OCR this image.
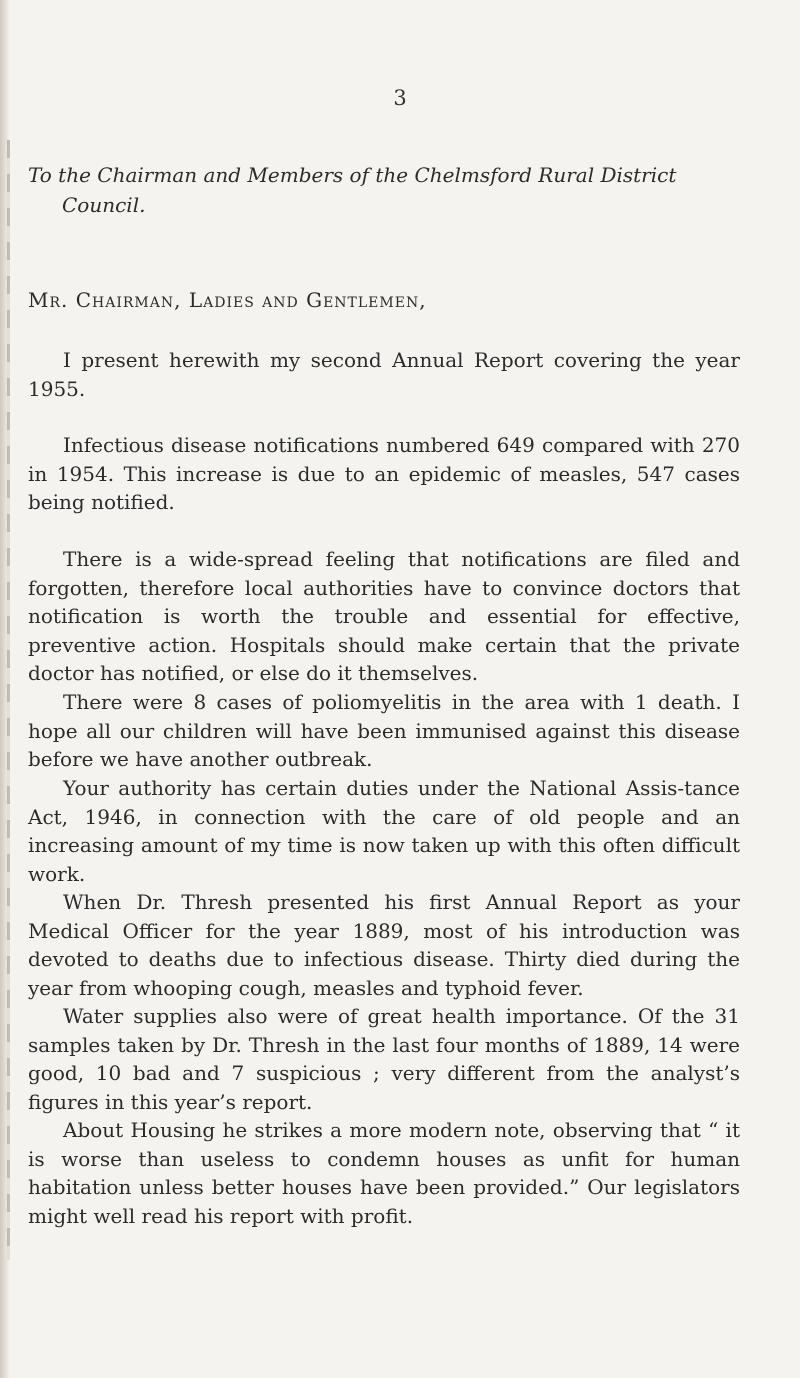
3

To the Chairman and Members of the Chelmsford Rural District
Council.

Mr. Chairman, Ladies and Gentlemen,

I present herewith my second Annual Report covering the year 1955.

Infectious disease notifications numbered 649 compared with 270 in 1954. This increase is due to an epidemic of measles, 547 cases being notified.

There is a wide-spread feeling that notifications are filed and forgotten, therefore local authorities have to convince doctors that notification is worth the trouble and essential for effective, preventive action. Hospitals should make certain that the private doctor has notified, or else do it themselves.

There were 8 cases of poliomyelitis in the area with 1 death. I hope all our children will have been immunised against this disease before we have another outbreak.

Your authority has certain duties under the National Assis-tance Act, 1946, in connection with the care of old people and an increasing amount of my time is now taken up with this often difficult work.

When Dr. Thresh presented his first Annual Report as your Medical Officer for the year 1889, most of his introduction was devoted to deaths due to infectious disease. Thirty died during the year from whooping cough, measles and typhoid fever.

Water supplies also were of great health importance. Of the 31 samples taken by Dr. Thresh in the last four months of 1889, 14 were good, 10 bad and 7 suspicious ; very different from the analyst’s figures in this year’s report.

About Housing he strikes a more modern note, observing that “ it is worse than useless to condemn houses as unfit for human habitation unless better houses have been provided.” Our legislators might well read his report with profit.
